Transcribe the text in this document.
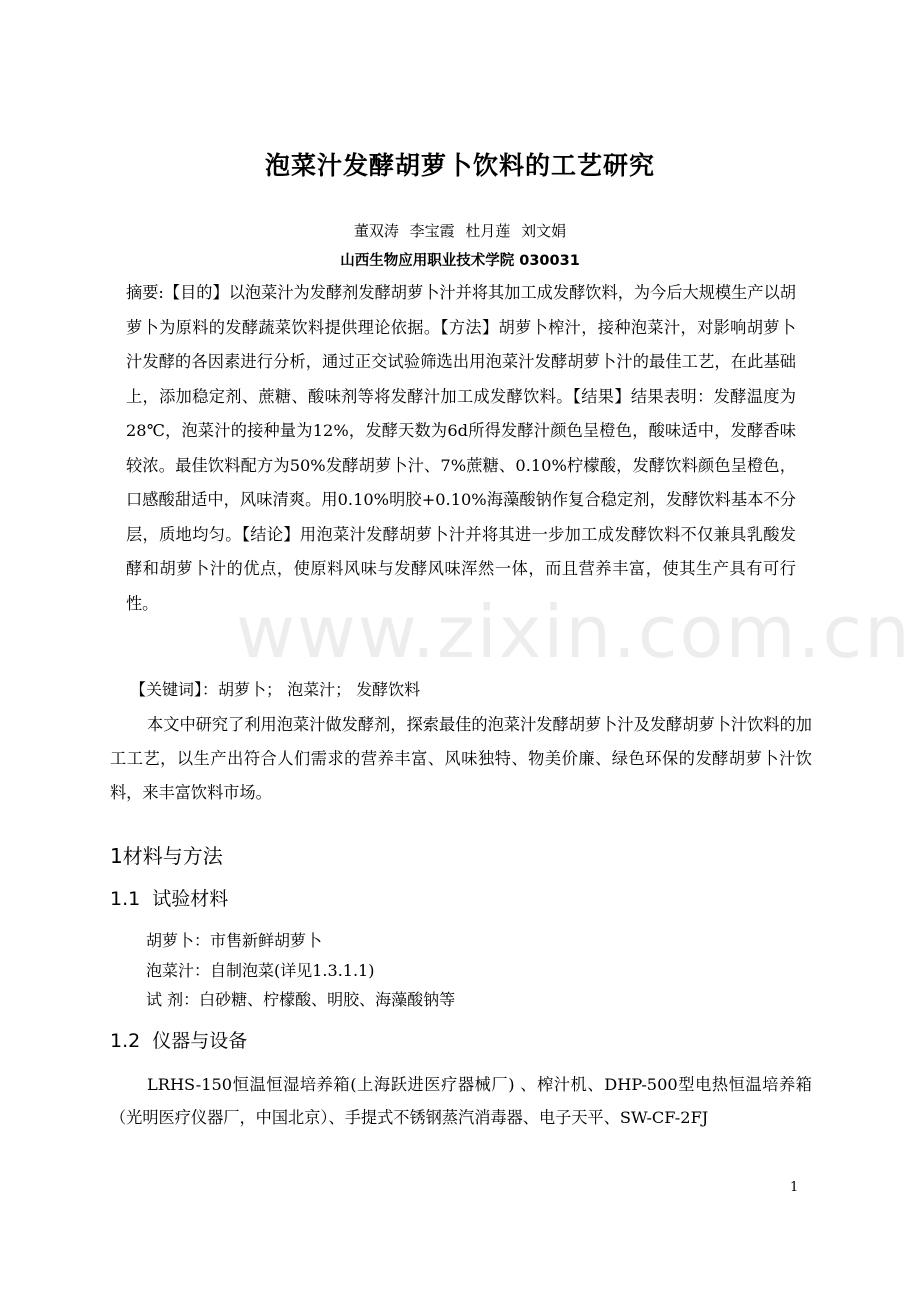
www.zixin.com.cn
泡菜汁发酵胡萝卜饮料的工艺研究
董双涛 李宝霞 杜月莲 刘文娟
山西生物应用职业技术学院 030031
摘要:【目的】以泡菜汁为发酵剂发酵胡萝卜汁并将其加工成发酵饮料，为今后大规模生产以胡萝卜为原料的发酵蔬菜饮料提供理论依据。【方法】胡萝卜榨汁，接种泡菜汁，对影响胡萝卜汁发酵的各因素进行分析，通过正交试验筛选出用泡菜汁发酵胡萝卜汁的最佳工艺，在此基础上，添加稳定剂、蔗糖、酸味剂等将发酵汁加工成发酵饮料。【结果】结果表明：发酵温度为28℃，泡菜汁的接种量为12%，发酵天数为6d所得发酵汁颜色呈橙色，酸味适中，发酵香味较浓。最佳饮料配方为50%发酵胡萝卜汁、7%蔗糖、0.10%柠檬酸，发酵饮料颜色呈橙色，口感酸甜适中，风味清爽。用0.10%明胶+0.10%海藻酸钠作复合稳定剂，发酵饮料基本不分层，质地均匀。【结论】用泡菜汁发酵胡萝卜汁并将其进一步加工成发酵饮料不仅兼具乳酸发酵和胡萝卜汁的优点，使原料风味与发酵风味浑然一体，而且营养丰富，使其生产具有可行性。
【关键词】：胡萝卜； 泡菜汁； 发酵饮料
本文中研究了利用泡菜汁做发酵剂，探索最佳的泡菜汁发酵胡萝卜汁及发酵胡萝卜汁饮料的加工工艺，以生产出符合人们需求的营养丰富、风味独特、物美价廉、绿色环保的发酵胡萝卜汁饮料，来丰富饮料市场。
1材料与方法
1.1 试验材料
胡萝卜：市售新鲜胡萝卜
泡菜汁：自制泡菜(详见1.3.1.1)
试 剂：白砂糖、柠檬酸、明胶、海藻酸钠等
1.2 仪器与设备
LRHS-150恒温恒湿培养箱(上海跃进医疗器械厂) 、榨汁机、DHP-500型电热恒温培养箱（光明医疗仪器厂，中国北京）、手提式不锈钢蒸汽消毒器、电子天平、SW-CF-2FJ
1
